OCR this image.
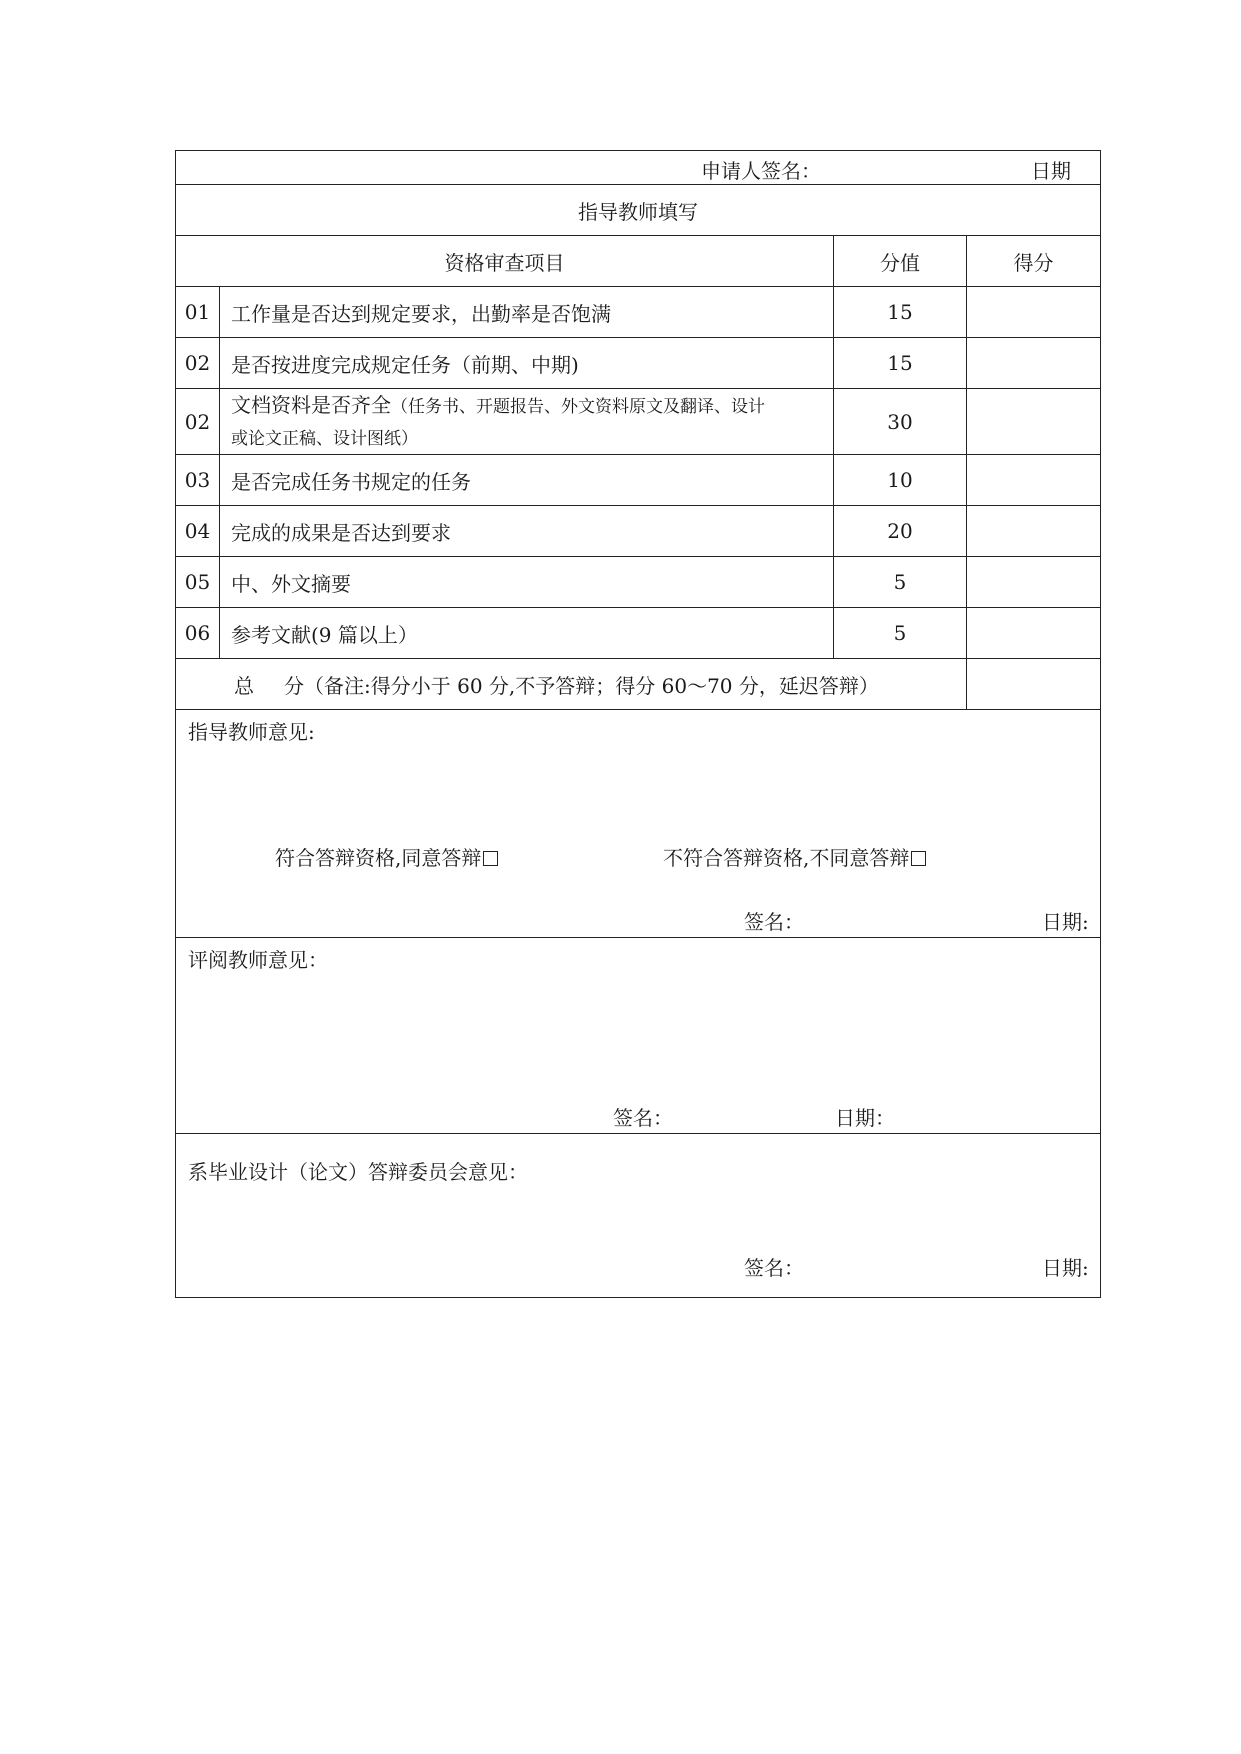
申请人签名： 日期			

指导教师填写			
资格审查项目		分值	得分
01	工作量是否达到规定要求，出勤率是否饱满	15	
02	是否按进度完成规定任务（前期、中期)	15	
02	文档资料是否齐全（任务书、开题报告、外文资料原文及翻译、设计
或论文正稿、设计图纸）	30	
03	是否完成任务书规定的任务	10	
04	完成的成果是否达到要求	20	
05	中、外文摘要	5	
06	参考文献(9 篇以上）	5	
总 分（备注:得分小于 60 分,不予答辩；得分 60～70 分，延迟答辩）			

指导教师意见:
符合答辩资格,同意答辩 不符合答辩资格,不同意答辩
签名： 日期:			

评阅教师意见：
签名： 日期：			

系毕业设计（论文）答辩委员会意见：
签名： 日期:			
